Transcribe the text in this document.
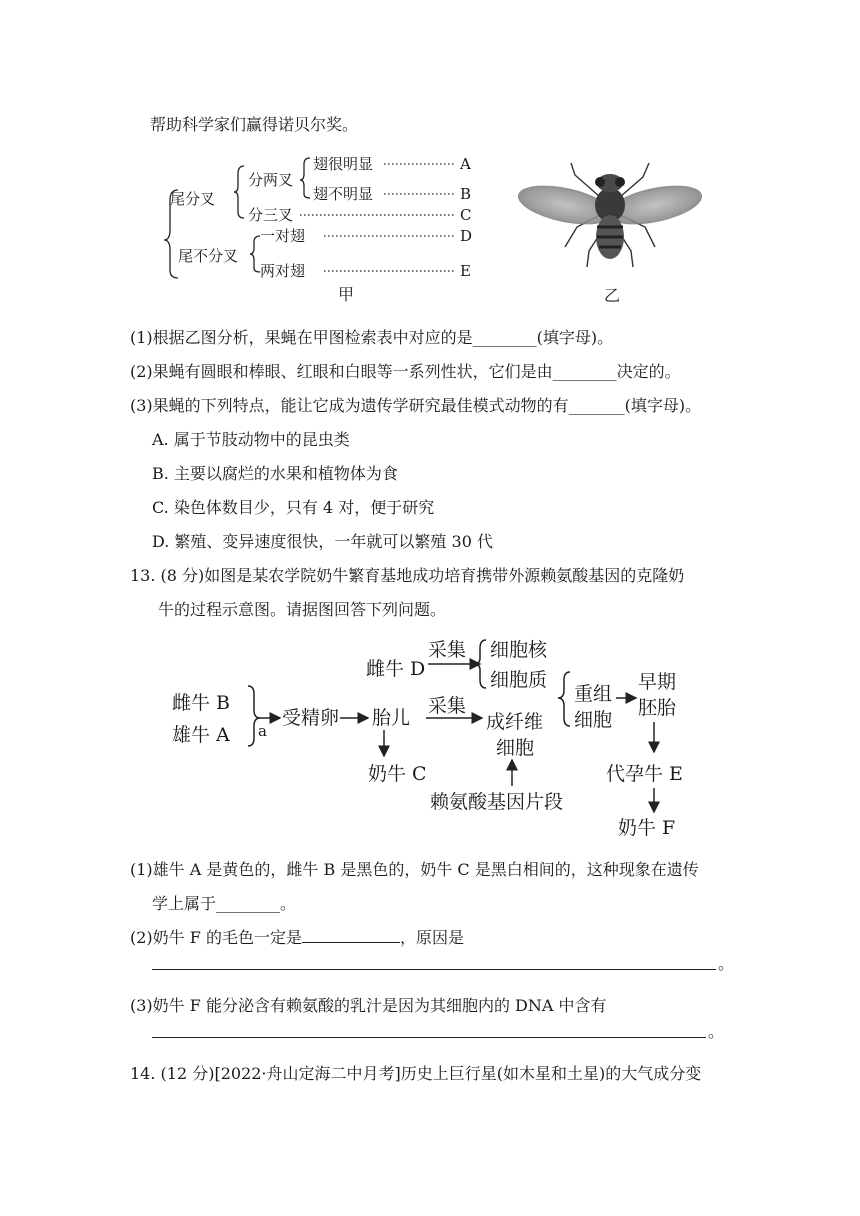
帮助科学家们赢得诺贝尔奖。
尾分叉
分两叉
翅很明显
翅不明显
分三叉
尾不分叉
一对翅
两对翅
A
B
C
D
E
甲	乙
(1)根据乙图分析，果蝇在甲图检索表中对应的是________(填字母)。
(2)果蝇有圆眼和棒眼、红眼和白眼等一系列性状，它们是由________决定的。
(3)果蝇的下列特点，能让它成为遗传学研究最佳模式动物的有_______(填字母)。
A. 属于节肢动物中的昆虫类
B. 主要以腐烂的水果和植物体为食
C. 染色体数目少，只有 4 对，便于研究
D. 繁殖、变异速度很快，一年就可以繁殖 30 代
13. (8 分)如图是某农学院奶牛繁育基地成功培育携带外源赖氨酸基因的克隆奶
牛的过程示意图。请据图回答下列问题。
雌牛 D
采集 细胞核
细胞质
重组
细胞
早期
胚胎
雌牛 B
雄牛 A
受精卵 胎儿
采集
成纤维
细胞
奶牛 C
赖氨酸基因片段
代孕牛 E
奶牛 F
a
(1)雄牛 A 是黄色的，雌牛 B 是黑色的，奶牛 C 是黑白相间的，这种现象在遗传
学上属于________。
(2)奶牛 F 的毛色一定是	，原因是
。
(3)奶牛 F 能分泌含有赖氨酸的乳汁是因为其细胞内的 DNA 中含有
。
14. (12 分)[2022·舟山定海二中月考]历史上巨行星(如木星和土星)的大气成分变
